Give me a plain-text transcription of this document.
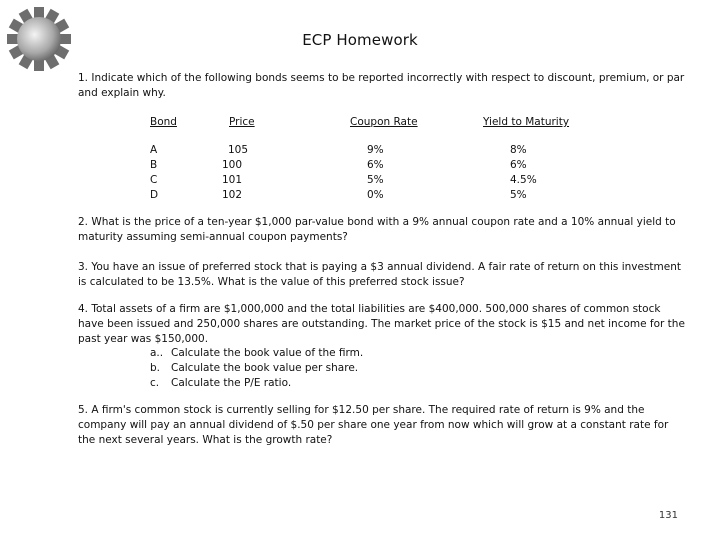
ECP Homework

1. Indicate which of the following bonds seems to be reported incorrectly with respect to discount, premium, or par and explain why.

Bond	Price	Coupon Rate	Yield to Maturity
A	105	9%	8%
B	100	6%	6%
C	101	5%	4.5%
D	102	0%	5%

2. What is the price of a ten-year $1,000 par-value bond with a 9% annual coupon rate and a 10% annual yield to maturity assuming semi-annual coupon payments?

3. You have an issue of preferred stock that is paying a $3 annual dividend. A fair rate of return on this investment is calculated to be 13.5%. What is the value of this preferred stock issue?

4. Total assets of a firm are $1,000,000 and the total liabilities are $400,000. 500,000 shares of common stock have been issued and 250,000 shares are outstanding. The market price of the stock is $15 and net income for the past year was $150,000.

a.. Calculate the book value of the firm.
b. Calculate the book value per share.
c. Calculate the P/E ratio.

5. A firm's common stock is currently selling for $12.50 per share. The required rate of return is 9% and the company will pay an annual dividend of $.50 per share one year from now which will grow at a constant rate for the next several years. What is the growth rate?

131
